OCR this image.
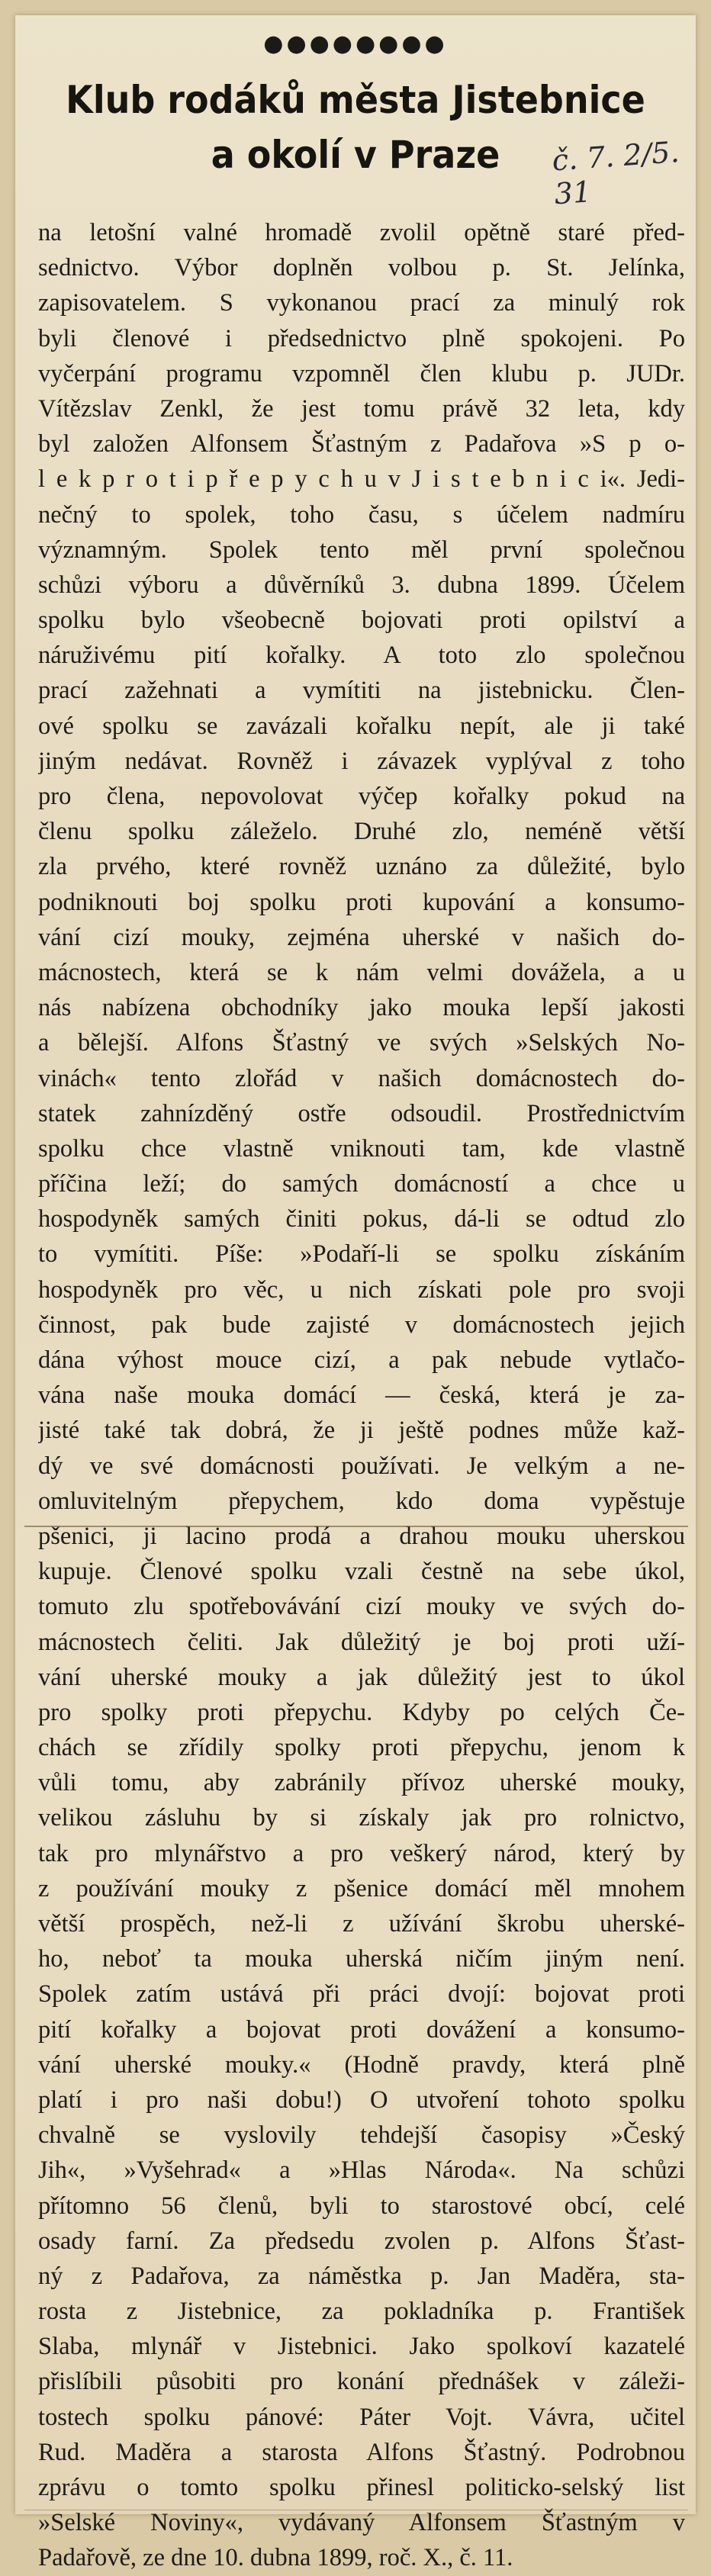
●●●●●●●●
Klub rodáků města Jistebnice
a okolí v Praze	č. 7. 2/5. 31
na letošní valné hromadě zvolil opětně staré před-
sednictvo. Výbor doplněn volbou p. St. Jelínka,
zapisovatelem. S vykonanou prací za minulý rok
byli členové i předsednictvo plně spokojeni. Po
vyčerpání programu vzpomněl člen klubu p. JUDr.
Vítězslav Zenkl, že jest tomu právě 32 leta, kdy
byl založen Alfonsem Šťastným z Padařova »S p o-
l e k p r o t i p ř e p y c h u v J i s t e b n i c i«. Jedi-
nečný to spolek, toho času, s účelem nadmíru
významným. Spolek tento měl první společnou
schůzi výboru a důvěrníků 3. dubna 1899. Účelem
spolku bylo všeobecně bojovati proti opilství a
náruživému pití kořalky. A toto zlo společnou
prací zažehnati a vymítiti na jistebnicku. Člen-
ové spolku se zavázali kořalku nepít, ale ji také
jiným nedávat. Rovněž i závazek vyplýval z toho
pro člena, nepovolovat výčep kořalky pokud na
členu spolku záleželo. Druhé zlo, neméně větší
zla prvého, které rovněž uznáno za důležité, bylo
podniknouti boj spolku proti kupování a konsumo-
vání cizí mouky, zejména uherské v našich do-
mácnostech, která se k nám velmi dovážela, a u
nás nabízena obchodníky jako mouka lepší jakosti
a bělejší. Alfons Šťastný ve svých »Selských No-
vinách« tento zlořád v našich domácnostech do-
statek zahnízděný ostře odsoudil. Prostřednictvím
spolku chce vlastně vniknouti tam, kde vlastně
příčina leží; do samých domácností a chce u
hospodyněk samých činiti pokus, dá-li se odtud zlo
to vymítiti. Píše: »Podaří-li se spolku získáním
hospodyněk pro věc, u nich získati pole pro svoji
činnost, pak bude zajisté v domácnostech jejich
dána výhost mouce cizí, a pak nebude vytlačo-
vána naše mouka domácí — česká, která je za-
jisté také tak dobrá, že ji ještě podnes může kaž-
dý ve své domácnosti používati. Je velkým a ne-
omluvitelným přepychem, kdo doma vypěstuje
pšenici, ji lacino prodá a drahou mouku uherskou
kupuje. Členové spolku vzali čestně na sebe úkol,
tomuto zlu spotřebovávání cizí mouky ve svých do-
mácnostech čeliti. Jak důležitý je boj proti uží-
vání uherské mouky a jak důležitý jest to úkol
pro spolky proti přepychu. Kdyby po celých Če-
chách se zřídily spolky proti přepychu, jenom k
vůli tomu, aby zabránily přívoz uherské mouky,
velikou zásluhu by si získaly jak pro rolnictvo,
tak pro mlynářstvo a pro veškerý národ, který by
z používání mouky z pšenice domácí měl mnohem
větší prospěch, než-li z užívání škrobu uherské-
ho, neboť ta mouka uherská ničím jiným není.
Spolek zatím ustává při práci dvojí: bojovat proti
pití kořalky a bojovat proti dovážení a konsumo-
vání uherské mouky.« (Hodně pravdy, která plně
platí i pro naši dobu!) O utvoření tohoto spolku
chvalně se vyslovily tehdejší časopisy »Český
Jih«, »Vyšehrad« a »Hlas Národa«. Na schůzi
přítomno 56 členů, byli to starostové obcí, celé
osady farní. Za předsedu zvolen p. Alfons Šťast-
ný z Padařova, za náměstka p. Jan Maděra, sta-
rosta z Jistebnice, za pokladníka p. František
Slaba, mlynář v Jistebnici. Jako spolkoví kazatelé
přislíbili působiti pro konání přednášek v záleži-
tostech spolku pánové: Páter Vojt. Vávra, učitel
Rud. Maděra a starosta Alfons Šťastný. Podrobnou
zprávu o tomto spolku přinesl politicko-selský list
»Selské Noviny«, vydávaný Alfonsem Šťastným v
Padařově, ze dne 10. dubna 1899, roč. X., č. 11.
